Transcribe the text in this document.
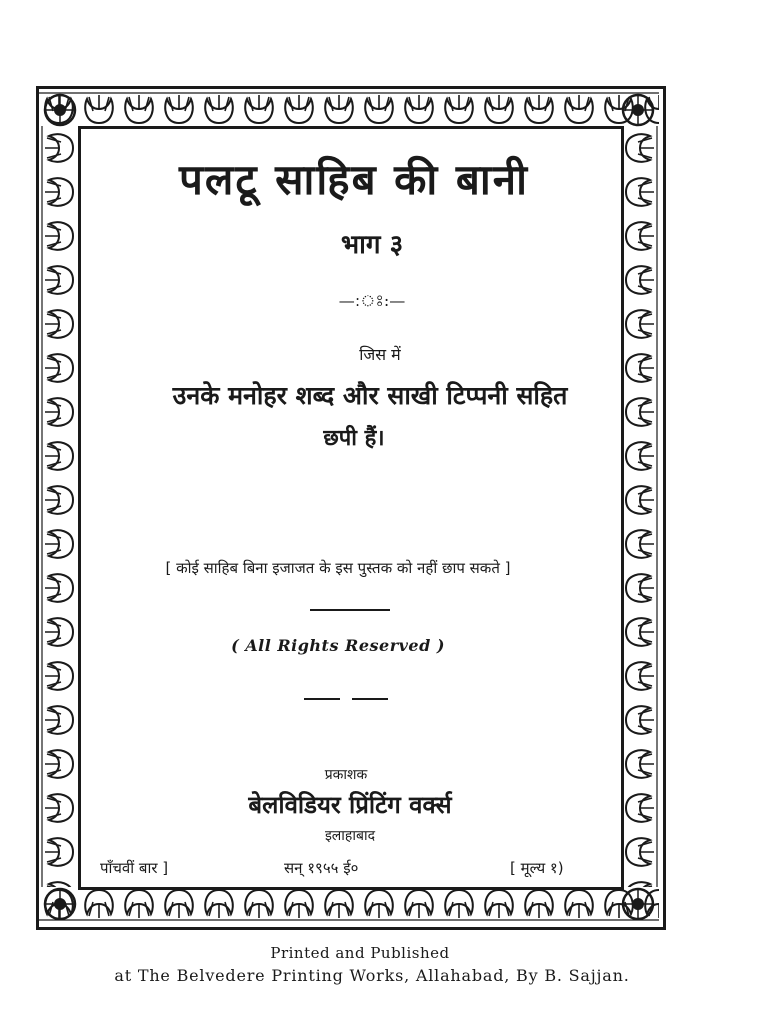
पलटू साहिब की बानी
भाग ३
—:ঃ:—
जिस में
उनके मनोहर शब्द और साखी टिप्पनी सहित
छपी हैं।
[ कोई साहिब बिना इजाजत के इस पुस्तक को नहीं छाप सकते ]
( All Rights Reserved )
प्रकाशक
बेलविडियर प्रिंटिंग वर्क्स
इलाहाबाद
पाँचवीं बार ]	सन् १९५५ ई०	[ मूल्य १)
Printed and Published
at The Belvedere Printing Works, Allahabad, By B. Sajjan.
